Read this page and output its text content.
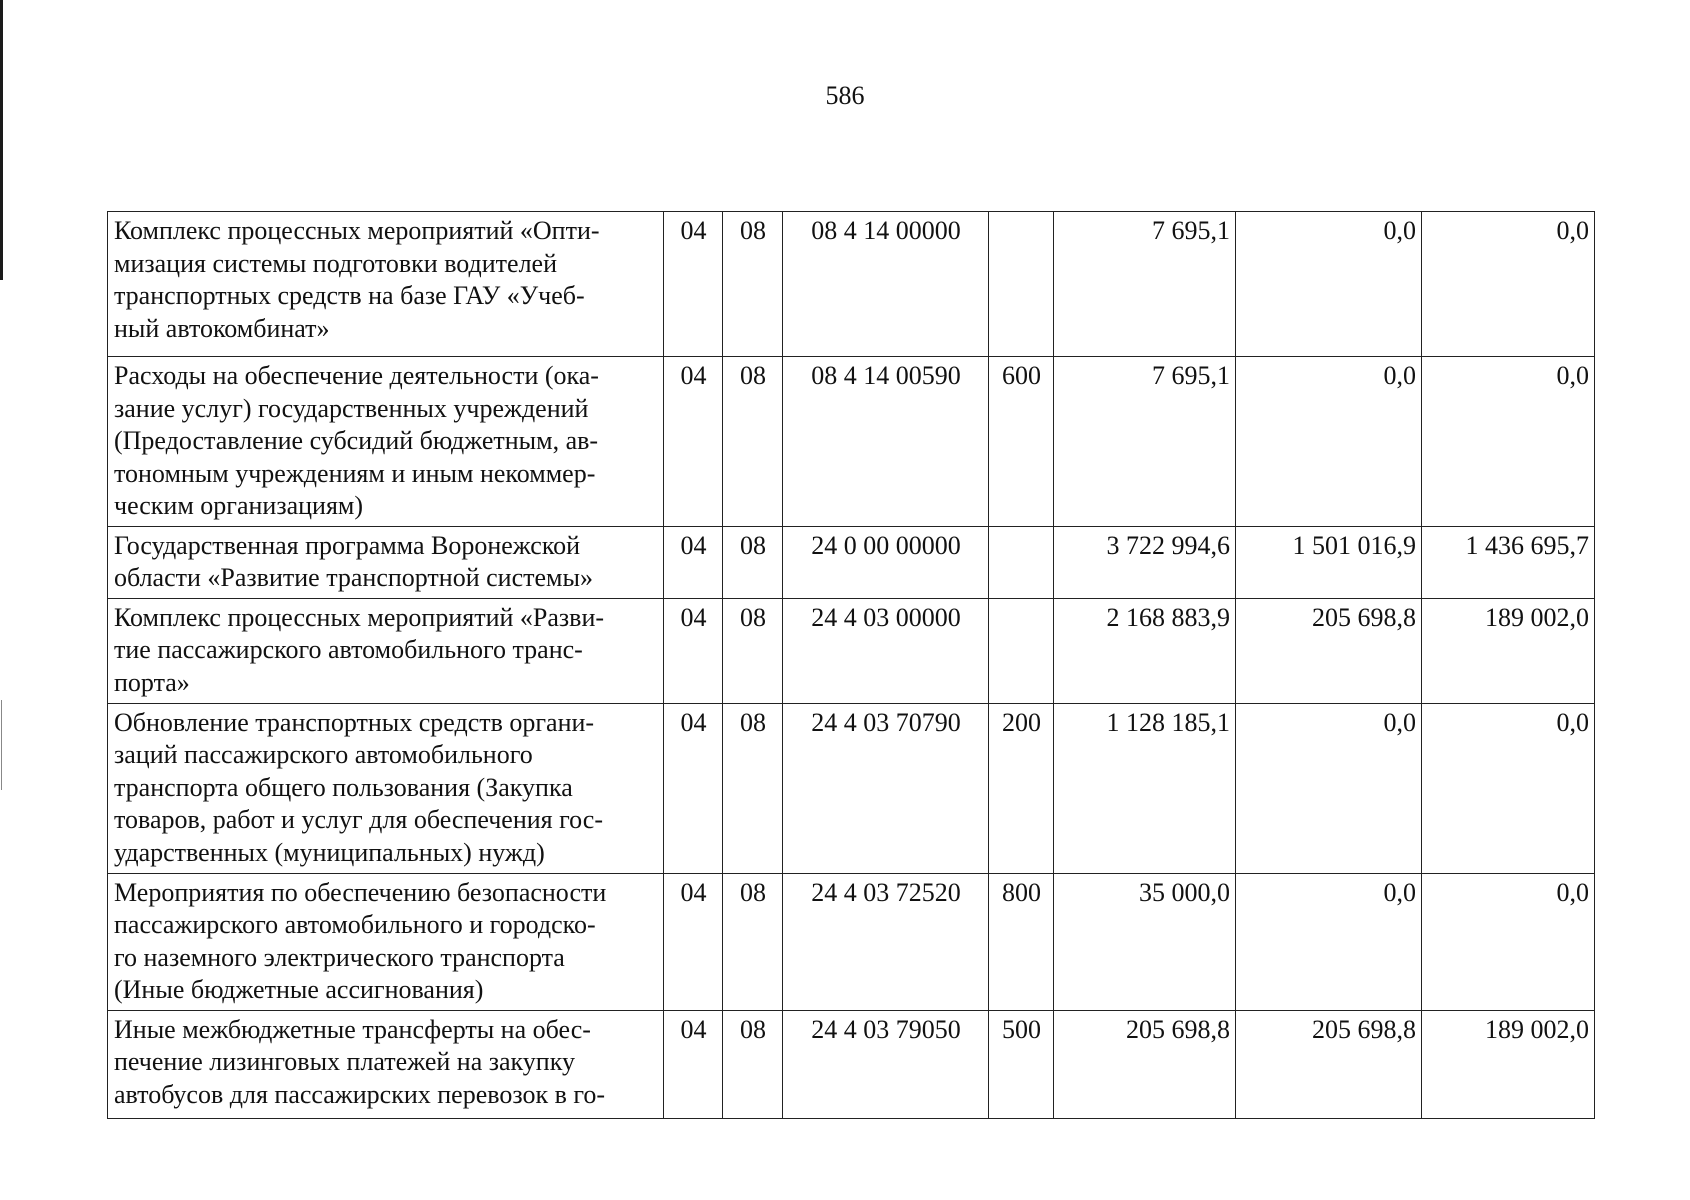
586
Комплекс процессных мероприятий «Опти-
мизация системы подготовки водителей
транспортных средств на базе ГАУ «Учеб-
ный автокомбинат»	04	08	08 4 14 00000		7 695,1	0,0	0,0

Расходы на обеспечение деятельности (ока-
зание услуг) государственных учреждений
(Предоставление субсидий бюджетным, ав-
тономным учреждениям и иным некоммер-
ческим организациям)	04	08	08 4 14 00590	600	7 695,1	0,0	0,0

Государственная программа Воронежской
области «Развитие транспортной системы»	04	08	24 0 00 00000		3 722 994,6	1 501 016,9	1 436 695,7

Комплекс процессных мероприятий «Разви-
тие пассажирского автомобильного транс-
порта»	04	08	24 4 03 00000		2 168 883,9	205 698,8	189 002,0

Обновление транспортных средств органи-
заций пассажирского автомобильного
транспорта общего пользования (Закупка
товаров, работ и услуг для обеспечения гос-
ударственных (муниципальных) нужд)	04	08	24 4 03 70790	200	1 128 185,1	0,0	0,0

Мероприятия по обеспечению безопасности
пассажирского автомобильного и городско-
го наземного электрического транспорта
(Иные бюджетные ассигнования)	04	08	24 4 03 72520	800	35 000,0	0,0	0,0

Иные межбюджетные трансферты на обес-
печение лизинговых платежей на закупку
автобусов для пассажирских перевозок в го-	04	08	24 4 03 79050	500	205 698,8	205 698,8	189 002,0
